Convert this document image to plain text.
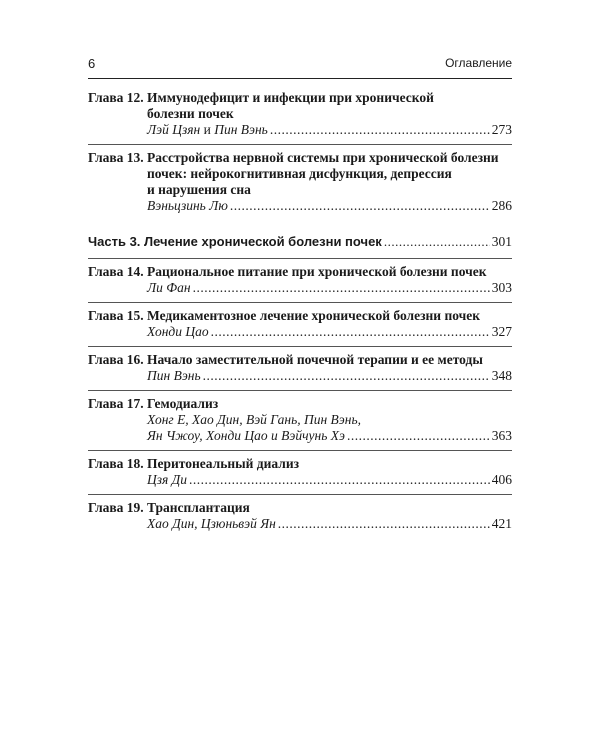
6	Оглавление
Глава 12. Иммунодефицит и инфекции при хронической
болезни почек
Лэй Цзян и Пин Вэнь .....	273
Глава 13. Расстройства нервной системы при хронической болезни
почек: нейрокогнитивная дисфункция, депрессия
и нарушения сна
Вэньцзинь Лю .....	286
Часть 3. Лечение хронической болезни почек .....	301
Глава 14. Рациональное питание при хронической болезни почек
Ли Фан .....	303
Глава 15. Медикаментозное лечение хронической болезни почек
Хонди Цао .....	327
Глава 16. Начало заместительной почечной терапии и ее методы
Пин Вэнь .....	348
Глава 17. Гемодиализ
Хонг Е, Хао Дин, Вэй Гань, Пин Вэнь,
Ян Чжоу, Хонди Цао и Вэйчунь Хэ .....	363
Глава 18. Перитонеальный диализ
Цзя Ди .....	406
Глава 19. Трансплантация
Хао Дин, Цзюньвэй Ян .....	421
